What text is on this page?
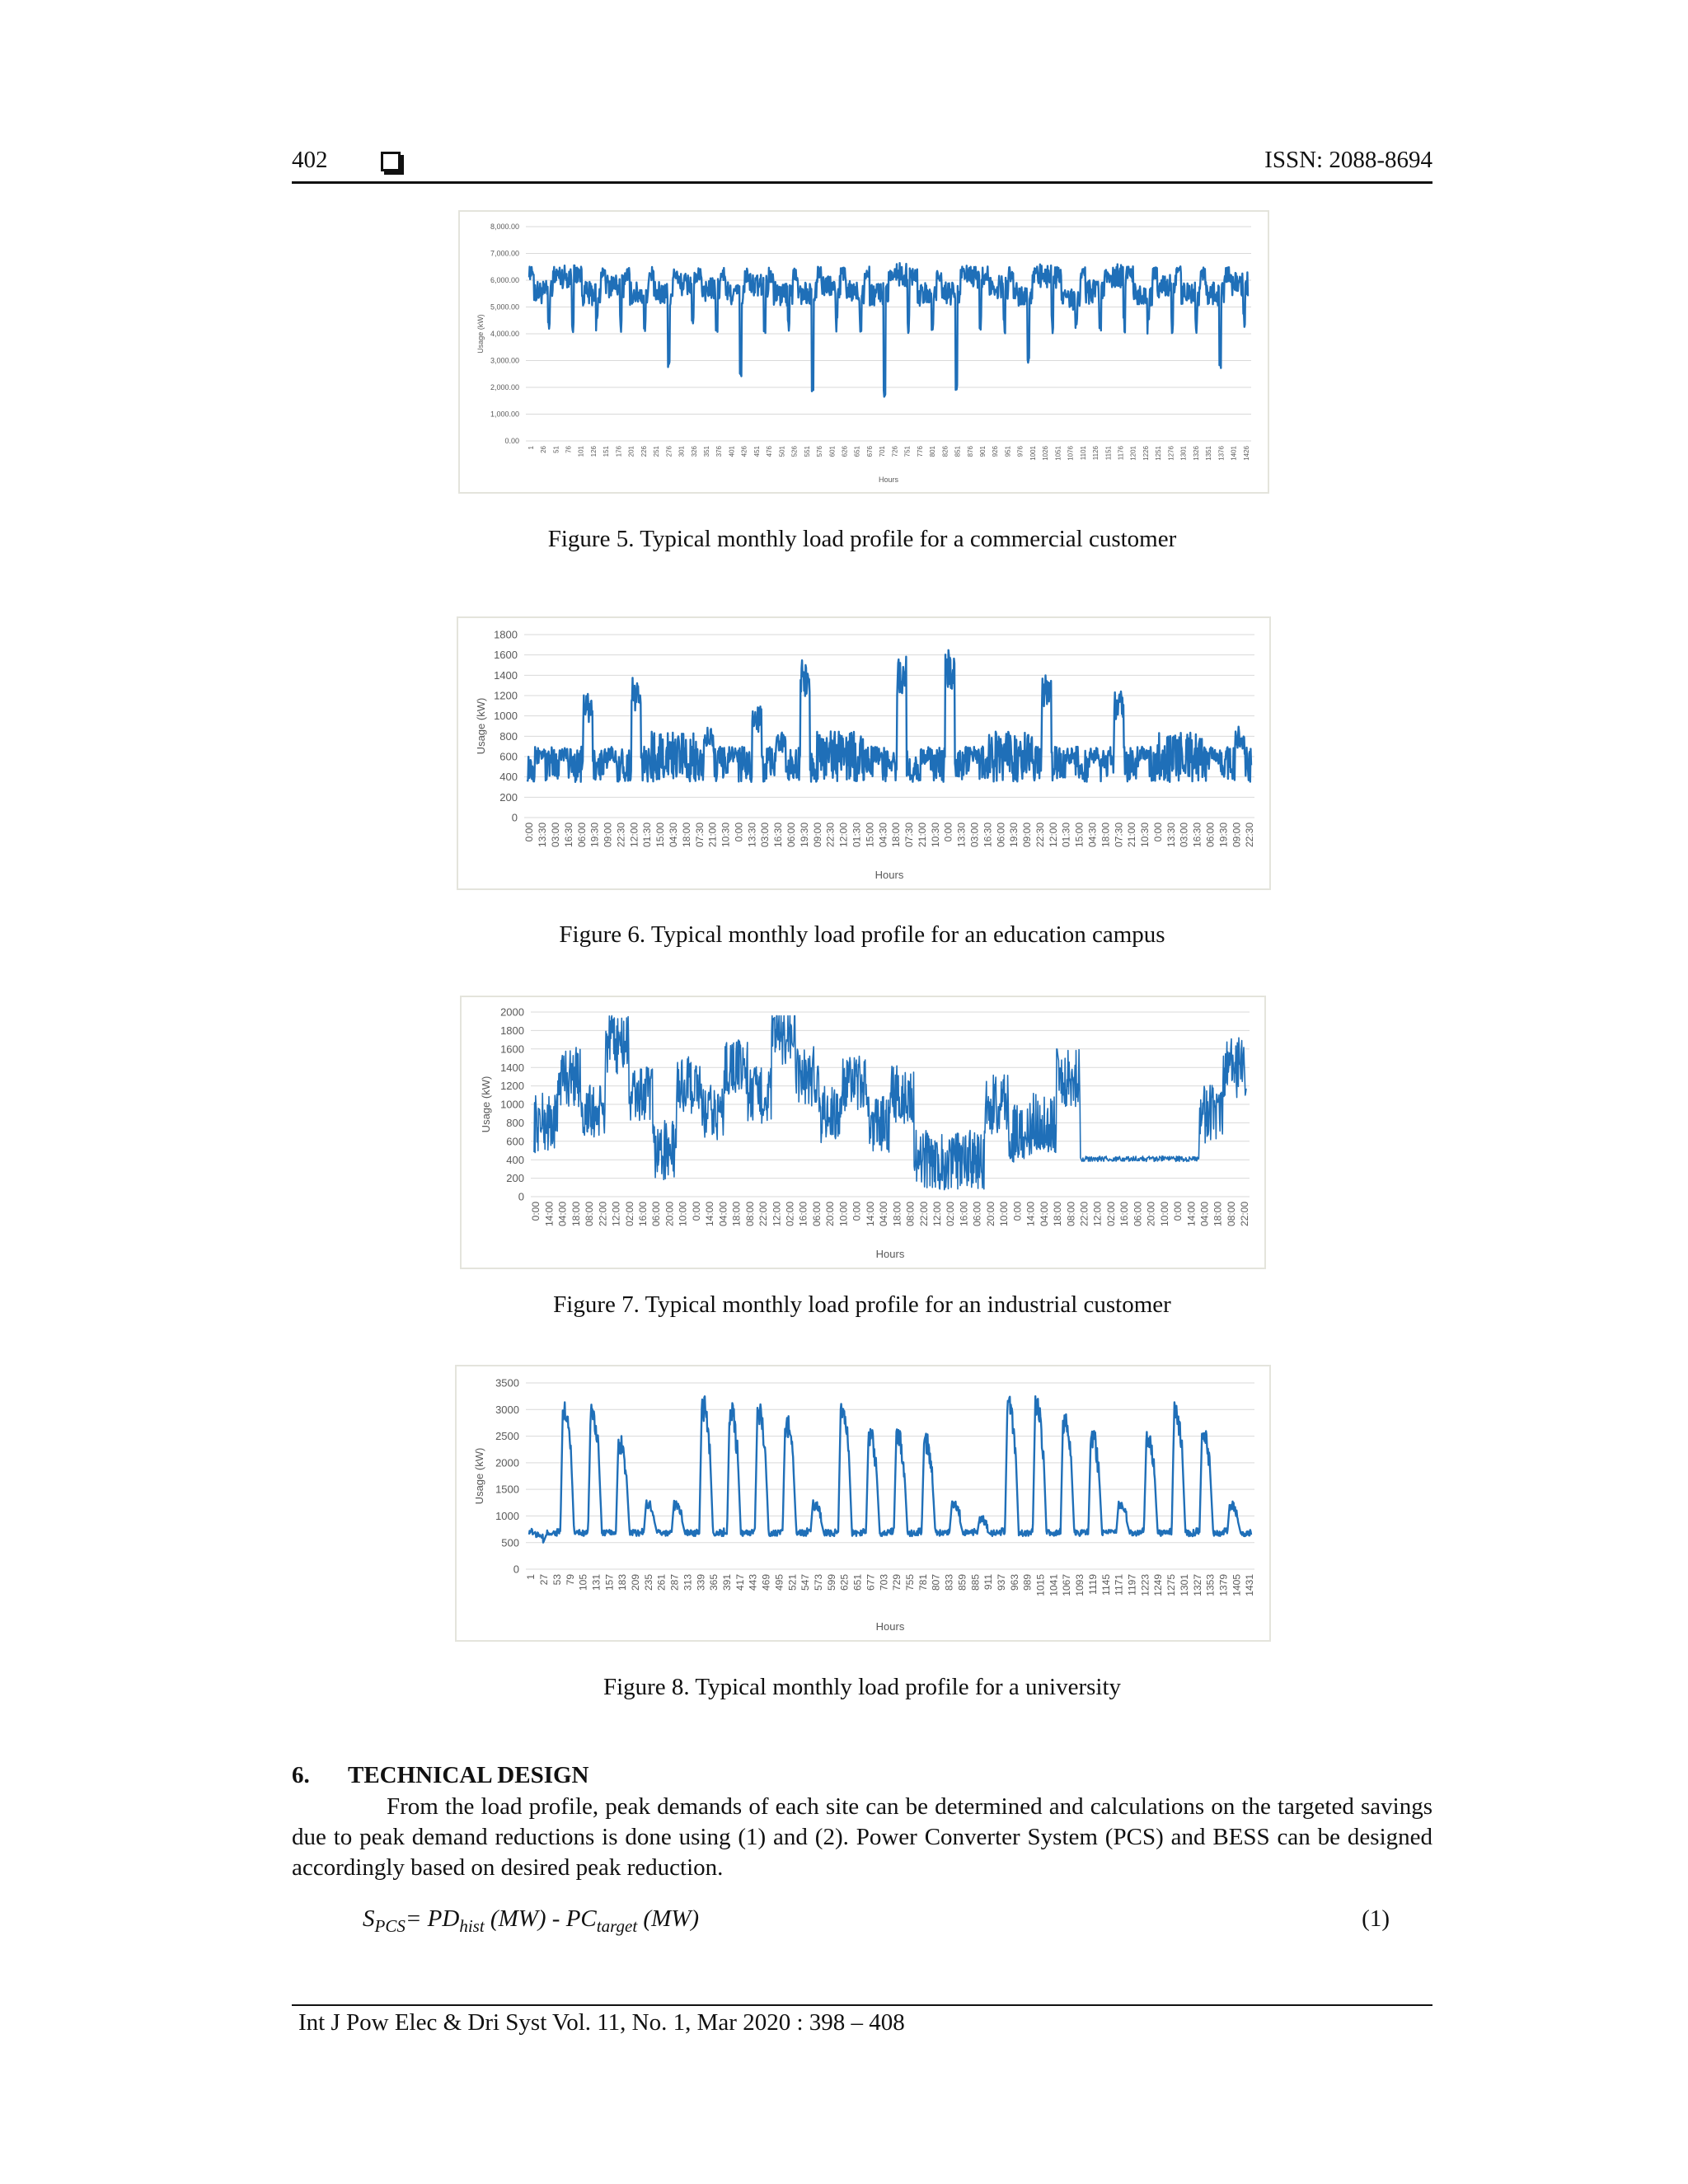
402	ISSN: 2088-8694
0.00
1,000.00
2,000.00
3,000.00
4,000.00
5,000.00
6,000.00
7,000.00
8,000.00
1 26 51 76 101 126 151 176 201 226 251 276 301 326 351 376 401 426 451 476 501 526 551 576 601 626 651 676 701 726 751 776 801 826 851 876 901 926 951 976 1001 1026 1051 1076 1101 1126 1151 1176 1201 1226 1251 1276 1301 1326 1351 1376 1401 1426
Hours
Usage (kW)
Figure 5. Typical monthly load profile for a commercial customer
0
200
400
600
800
1000
1200
1400
1600
1800
0:00 13:30 03:00 16:30 06:00 19:30 09:00 22:30 12:00 01:30 15:00 04:30 18:00 07:30 21:00 10:30 0:00 13:30 03:00 16:30 06:00 19:30 09:00 22:30 12:00 01:30 15:00 04:30 18:00 07:30 21:00 10:30 0:00 13:30 03:00 16:30 06:00 19:30 09:00 22:30 12:00 01:30 15:00 04:30 18:00 07:30 21:00 10:30 0:00 13:30 03:00 16:30 06:00 19:30 09:00 22:30
Hours
Usage (kW)
Figure 6. Typical monthly load profile for an education campus
0
200
400
600
800
1000
1200
1400
1600
1800
2000
0:00 14:00 04:00 18:00 08:00 22:00 12:00 02:00 16:00 06:00 20:00 10:00 0:00 14:00 04:00 18:00 08:00 22:00 12:00 02:00 16:00 06:00 20:00 10:00 0:00 14:00 04:00 18:00 08:00 22:00 12:00 02:00 16:00 06:00 20:00 10:00 0:00 14:00 04:00 18:00 08:00 22:00 12:00 02:00 16:00 06:00 20:00 10:00 0:00 14:00 04:00 18:00 08:00 22:00
Hours
Usage (kW)
Figure 7. Typical monthly load profile for an industrial customer
0
500
1000
1500
2000
2500
3000
3500
1 27 53 79 105 131 157 183 209 235 261 287 313 339 365 391 417 443 469 495 521 547 573 599 625 651 677 703 729 755 781 807 833 859 885 911 937 963 989 1015 1041 1067 1093 1119 1145 1171 1197 1223 1249 1275 1301 1327 1353 1379 1405 1431
Hours
Usage (kW)
Figure 8. Typical monthly load profile for a university
6. TECHNICAL DESIGN

From the load profile, peak demands of each site can be determined and calculations on the targeted savings due to peak demand reductions is done using (1) and (2). Power Converter System (PCS) and BESS can be designed accordingly based on desired peak reduction.

$S_{PCS}= PD_{hist}$ $(MW) - PC_{target}$ (MW)	(1)
Int J Pow Elec & Dri Syst Vol. 11, No. 1, Mar 2020 : 398 – 408
